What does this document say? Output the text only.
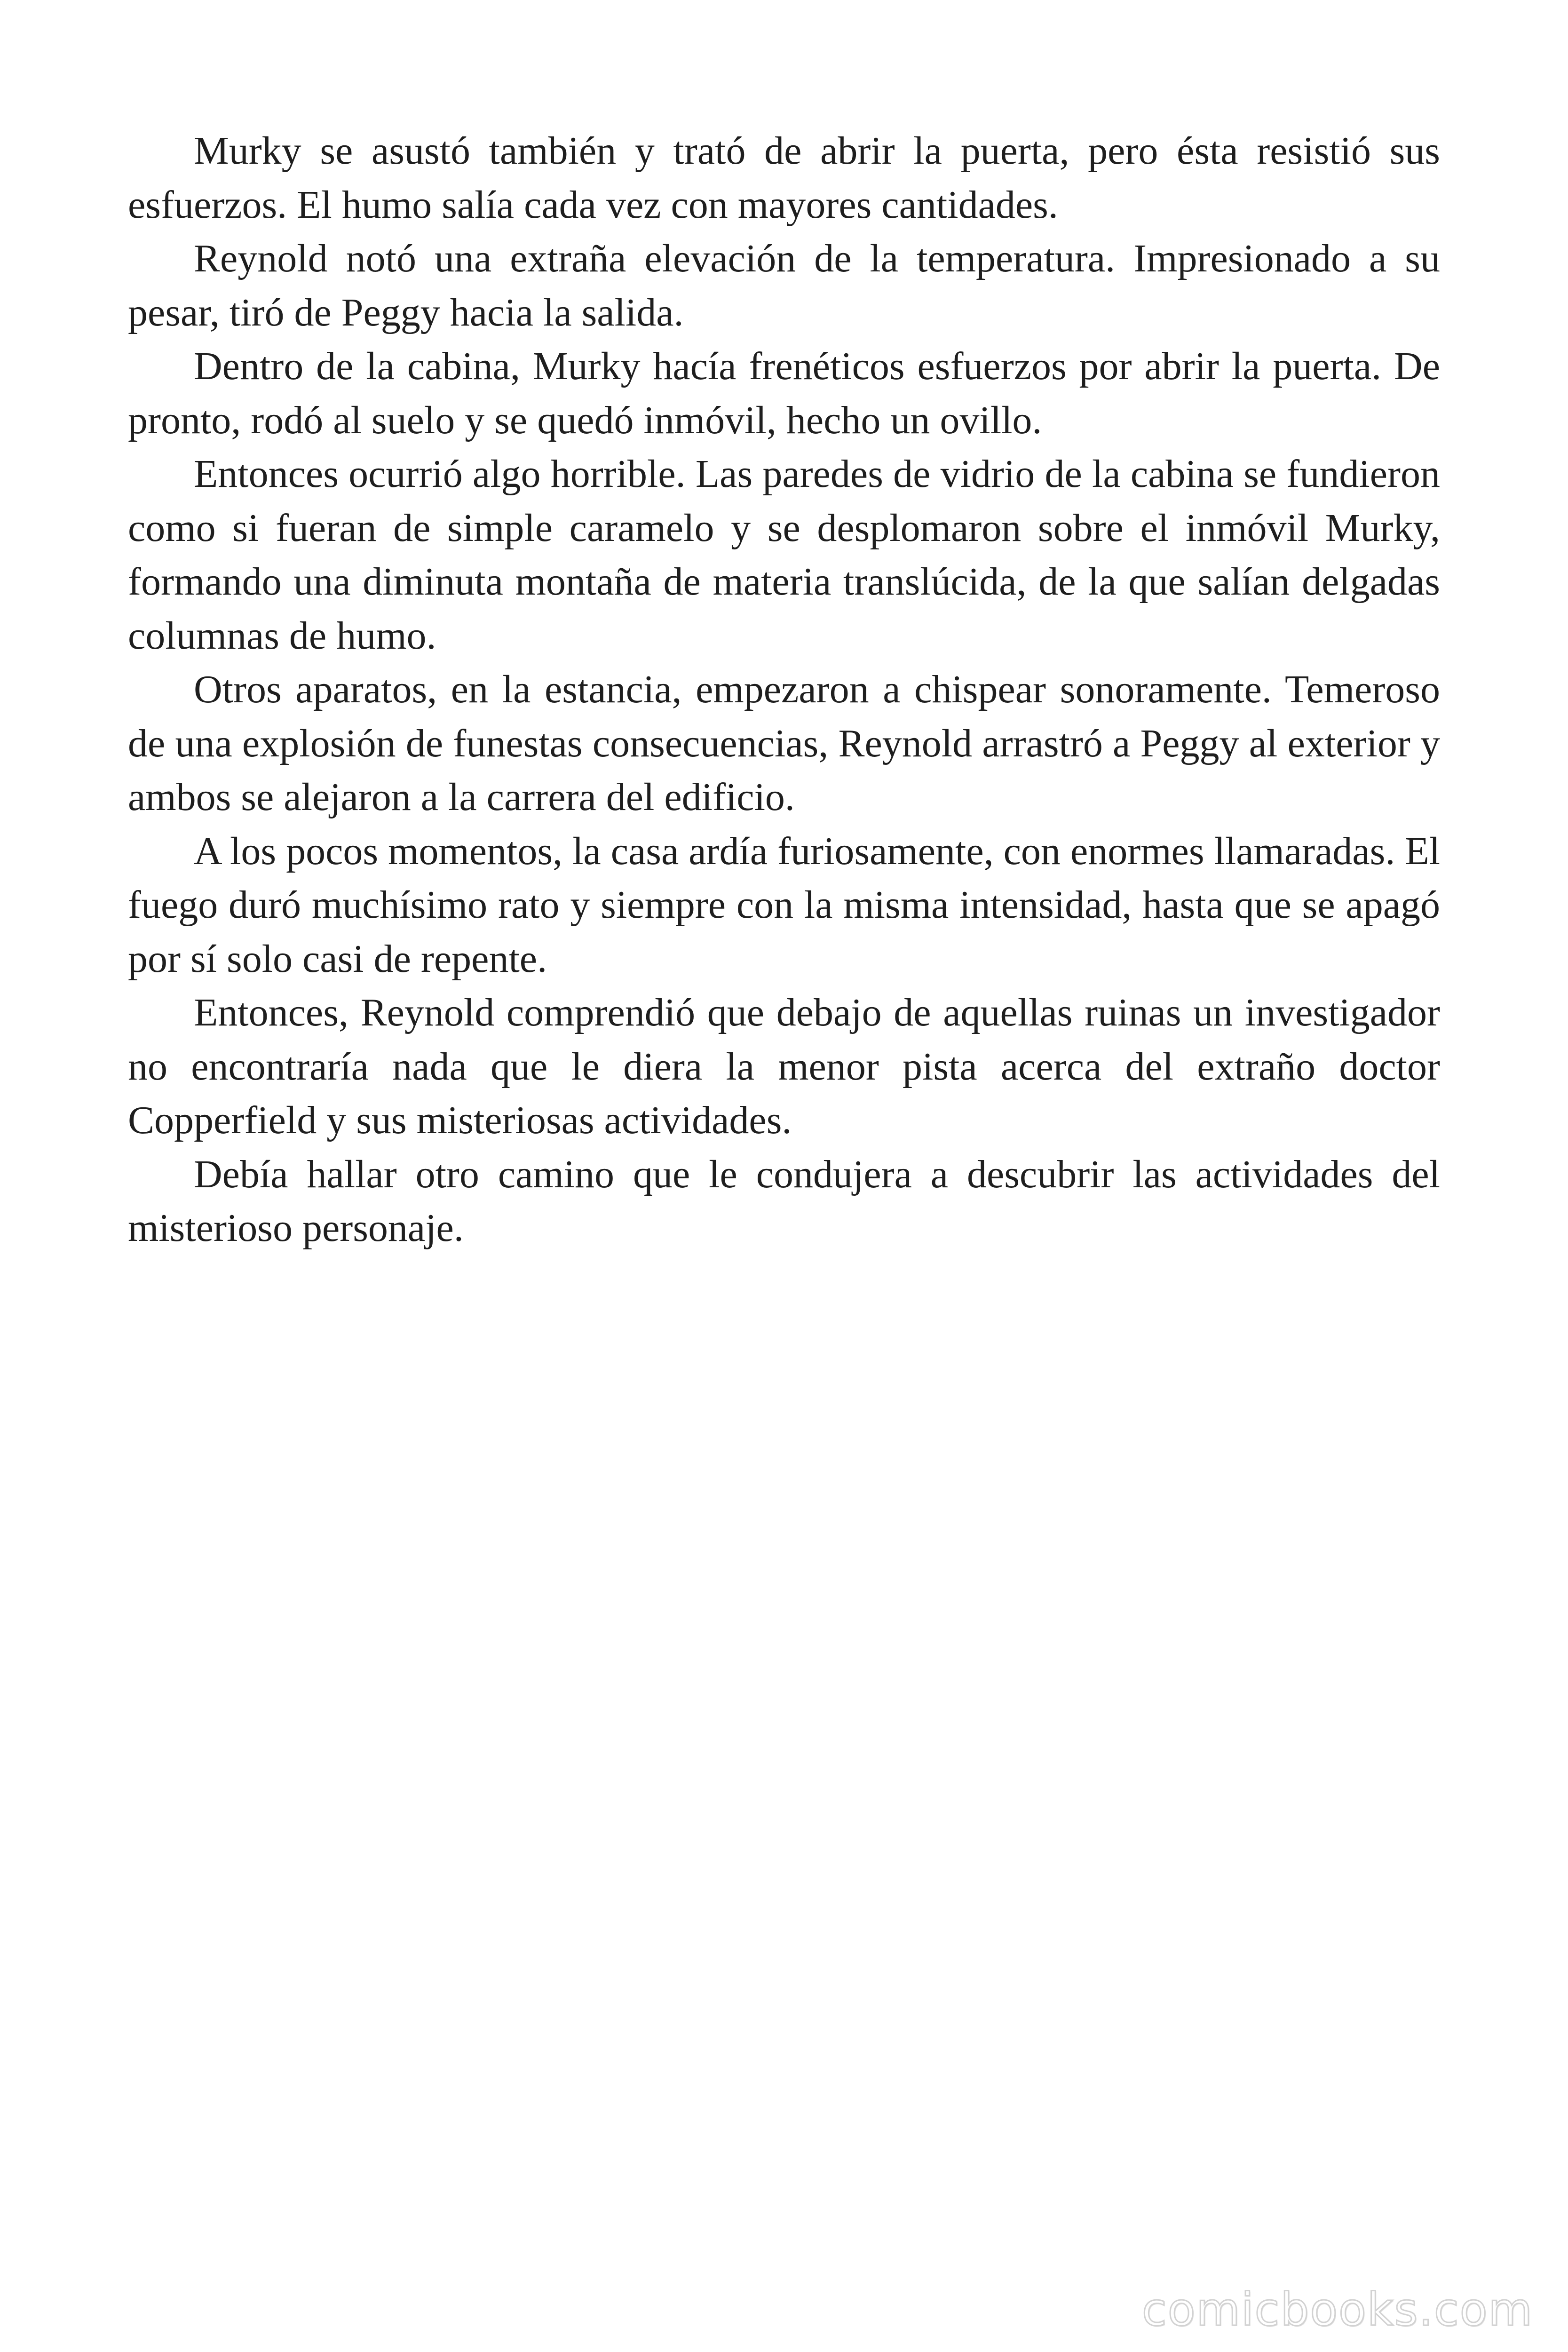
Murky se asustó también y trató de abrir la puerta, pero ésta resistió sus esfuerzos. El humo salía cada vez con mayores cantidades.

Reynold notó una extraña elevación de la temperatura. Impresionado a su pesar, tiró de Peggy hacia la salida.

Dentro de la cabina, Murky hacía frenéticos esfuerzos por abrir la puerta. De pronto, rodó al suelo y se quedó inmóvil, hecho un ovillo.

Entonces ocurrió algo horrible. Las paredes de vidrio de la cabina se fundieron como si fueran de simple caramelo y se desplomaron sobre el inmóvil Murky, formando una diminuta montaña de materia translúcida, de la que salían delgadas columnas de humo.

Otros aparatos, en la estancia, empezaron a chispear sonoramente. Temeroso de una explosión de funestas consecuencias, Reynold arrastró a Peggy al exterior y ambos se alejaron a la carrera del edificio.

A los pocos momentos, la casa ardía furiosamente, con enormes llamaradas. El fuego duró muchísimo rato y siempre con la misma intensidad, hasta que se apagó por sí solo casi de repente.

Entonces, Reynold comprendió que debajo de aquellas ruinas un investigador no encontraría nada que le diera la menor pista acerca del extraño doctor Copperfield y sus misteriosas actividades.

Debía hallar otro camino que le condujera a descubrir las actividades del misterioso personaje.

comicbooks.com
